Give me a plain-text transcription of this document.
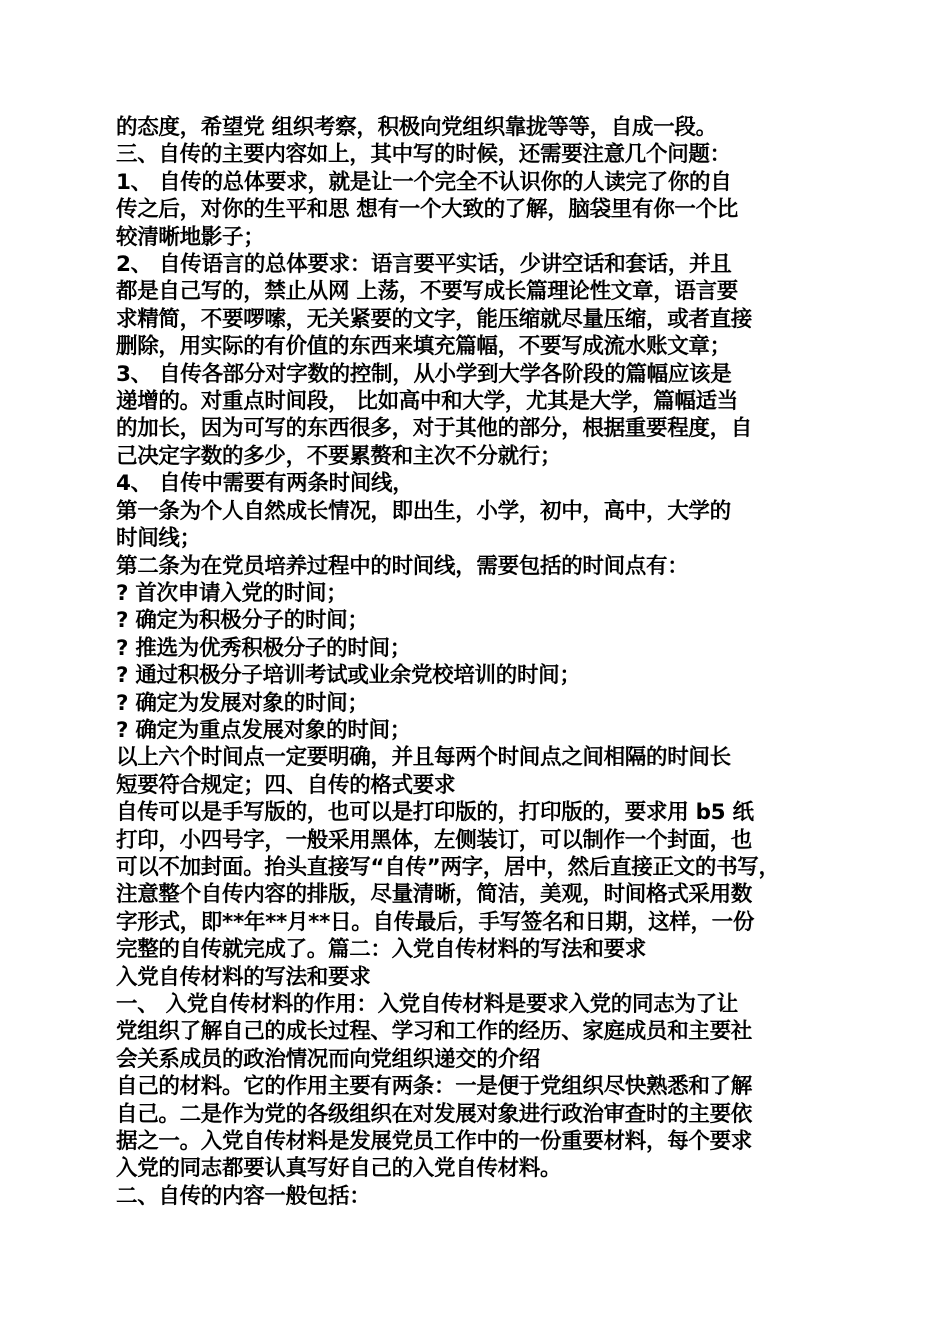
的态度，希望党 组织考察，积极向党组织靠拢等等，自成一段。
三、自传的主要内容如上，其中写的时候，还需要注意几个问题：
1、 自传的总体要求，就是让一个完全不认识你的人读完了你的自
传之后，对你的生平和思 想有一个大致的了解，脑袋里有你一个比
较清晰地影子；
2、 自传语言的总体要求：语言要平实话，少讲空话和套话，并且
都是自己写的，禁止从网 上荡，不要写成长篇理论性文章，语言要
求精简，不要啰嗦，无关紧要的文字，能压缩就尽量压缩，或者直接
删除，用实际的有价值的东西来填充篇幅，不要写成流水账文章；
3、 自传各部分对字数的控制，从小学到大学各阶段的篇幅应该是
递增的。对重点时间段， 比如高中和大学，尤其是大学，篇幅适当
的加长，因为可写的东西很多，对于其他的部分，根据重要程度，自
己决定字数的多少，不要累赘和主次不分就行；
4、 自传中需要有两条时间线，
第一条为个人自然成长情况，即出生，小学，初中，高中，大学的
时间线；
第二条为在党员培养过程中的时间线，需要包括的时间点有：
? 首次申请入党的时间；
? 确定为积极分子的时间；
? 推选为优秀积极分子的时间；
? 通过积极分子培训考试或业余党校培训的时间；
? 确定为发展对象的时间；
? 确定为重点发展对象的时间；
以上六个时间点一定要明确，并且每两个时间点之间相隔的时间长
短要符合规定；四、自传的格式要求
自传可以是手写版的，也可以是打印版的，打印版的，要求用 b5 纸
打印，小四号字，一般采用黑体，左侧装订，可以制作一个封面，也
可以不加封面。抬头直接写“自传”两字，居中，然后直接正文的书写，
注意整个自传内容的排版，尽量清晰，简洁，美观，时间格式采用数
字形式，即**年**月**日。自传最后，手写签名和日期，这样，一份
完整的自传就完成了。篇二：入党自传材料的写法和要求
入党自传材料的写法和要求
一、 入党自传材料的作用：入党自传材料是要求入党的同志为了让
党组织了解自己的成长过程、学习和工作的经历、家庭成员和主要社
会关系成员的政治情况而向党组织递交的介绍
自己的材料。它的作用主要有两条：一是便于党组织尽快熟悉和了解
自己。二是作为党的各级组织在对发展对象进行政治审查时的主要依
据之一。入党自传材料是发展党员工作中的一份重要材料，每个要求
入党的同志都要认真写好自己的入党自传材料。
二、自传的内容一般包括：
